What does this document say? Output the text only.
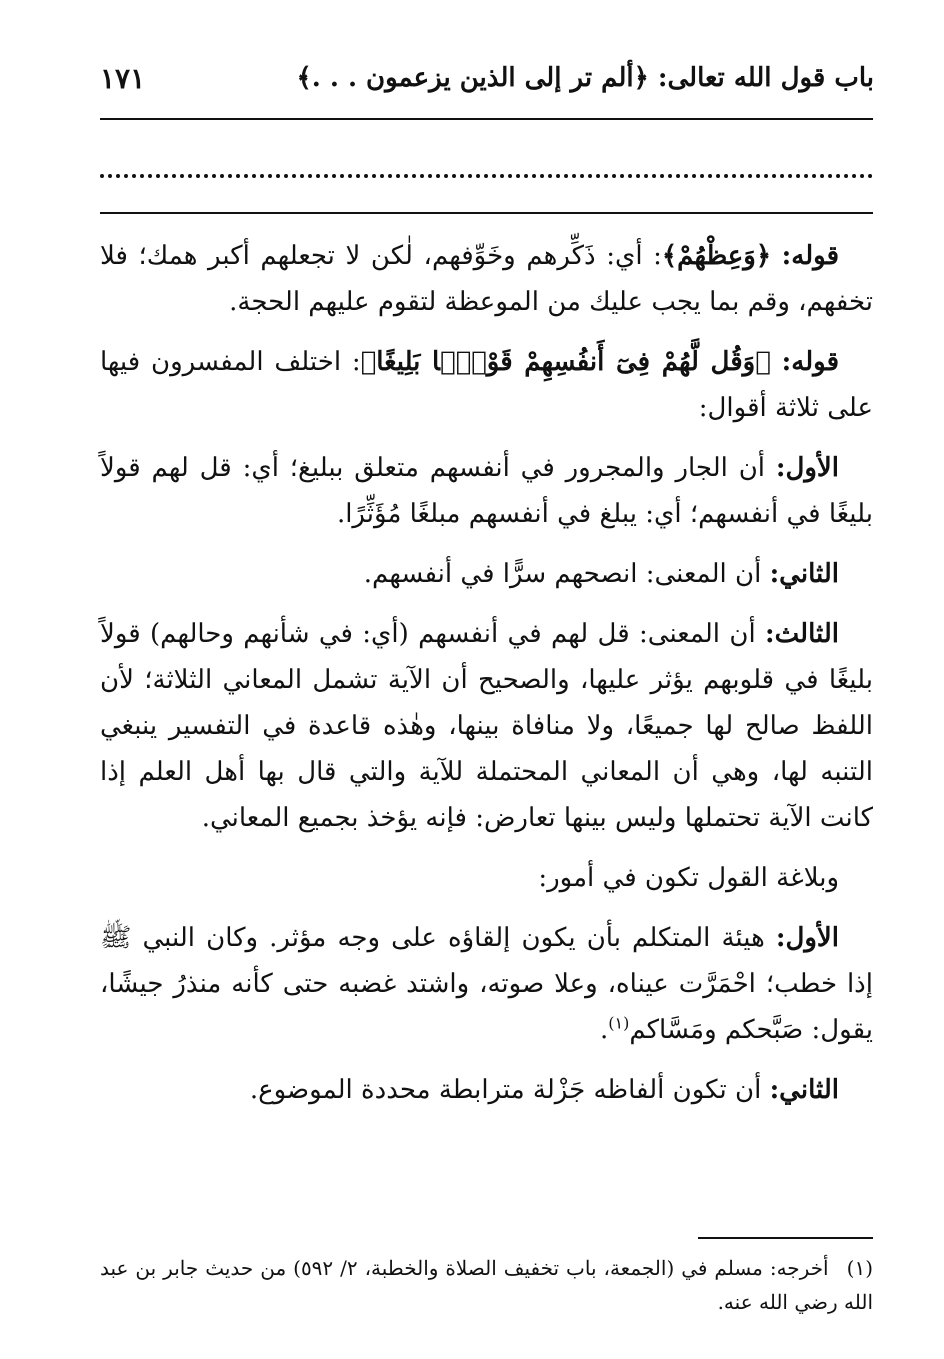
باب قول الله تعالى: ﴿ألم تر إلى الذين يزعمون . . .﴾
١٧١

قوله: ﴿وَعِظْهُمْ﴾: أي: ذَكِّرهم وخَوِّفهم، لٰكن لا تجعلهم أكبر همك؛ فلا تخفهم، وقم بما يجب عليك من الموعظة لتقوم عليهم الحجة.

قوله: ﴿وَقُل لَّهُمْ فِىٓ أَنفُسِهِمْ قَوْلًۢا بَلِيغًا﴾: اختلف المفسرون فيها على ثلاثة أقوال:

الأول: أن الجار والمجرور في أنفسهم متعلق ببليغ؛ أي: قل لهم قولاً بليغًا في أنفسهم؛ أي: يبلغ في أنفسهم مبلغًا مُؤَثِّرًا.

الثاني: أن المعنى: انصحهم سرًّا في أنفسهم.

الثالث: أن المعنى: قل لهم في أنفسهم (أي: في شأنهم وحالهم) قولاً بليغًا في قلوبهم يؤثر عليها، والصحيح أن الآية تشمل المعاني الثلاثة؛ لأن اللفظ صالح لها جميعًا، ولا منافاة بينها، وهٰذه قاعدة في التفسير ينبغي التنبه لها، وهي أن المعاني المحتملة للآية والتي قال بها أهل العلم إذا كانت الآية تحتملها وليس بينها تعارض: فإنه يؤخذ بجميع المعاني.

وبلاغة القول تكون في أمور:

الأول: هيئة المتكلم بأن يكون إلقاؤه على وجه مؤثر. وكان النبي ﷺ إذا خطب؛ احْمَرَّت عيناه، وعلا صوته، واشتد غضبه حتى كأنه منذرُ جيشًا، يقول: صَبَّحكم ومَسَّاكم$^{(١)}$.

الثاني: أن تكون ألفاظه جَزْلة مترابطة محددة الموضوع.

(١)أخرجه: مسلم في (الجمعة، باب تخفيف الصلاة والخطبة، ٢/ ٥٩٢) من حديث جابر بن عبد الله رضي الله عنه.
